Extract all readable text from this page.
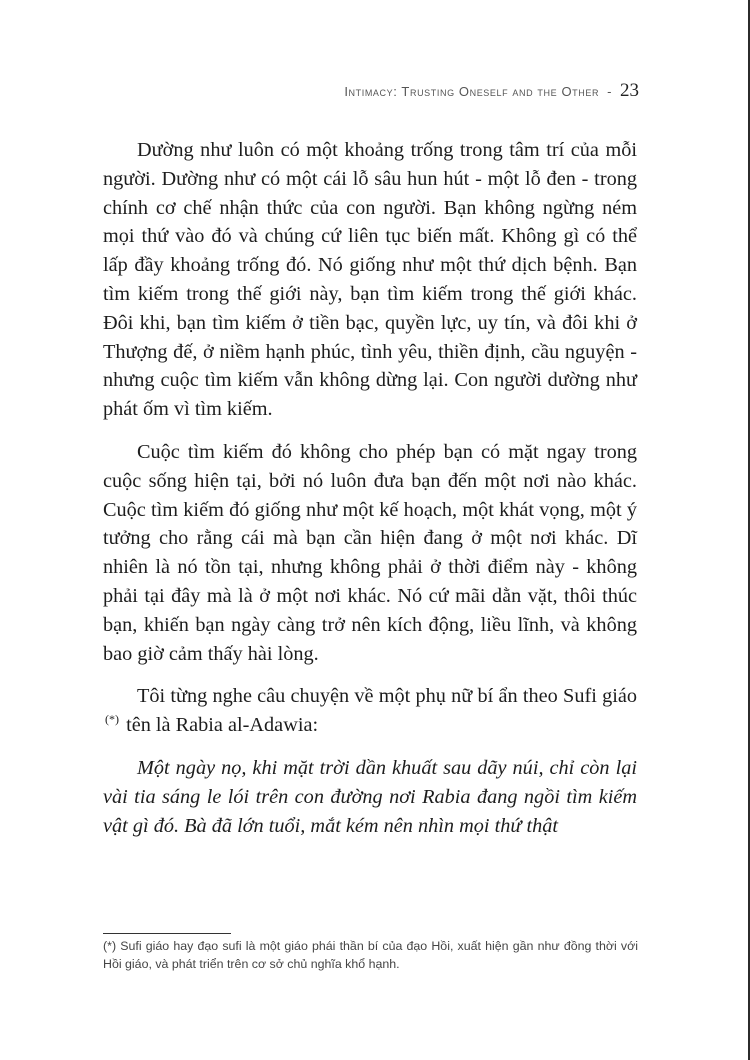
Intimacy: Trusting Oneself and the Other - 23

Dường như luôn có một khoảng trống trong tâm trí của mỗi người. Dường như có một cái lỗ sâu hun hút - một lỗ đen - trong chính cơ chế nhận thức của con người. Bạn không ngừng ném mọi thứ vào đó và chúng cứ liên tục biến mất. Không gì có thể lấp đầy khoảng trống đó. Nó giống như một thứ dịch bệnh. Bạn tìm kiếm trong thế giới này, bạn tìm kiếm trong thế giới khác. Đôi khi, bạn tìm kiếm ở tiền bạc, quyền lực, uy tín, và đôi khi ở Thượng đế, ở niềm hạnh phúc, tình yêu, thiền định, cầu nguyện - nhưng cuộc tìm kiếm vẫn không dừng lại. Con người dường như phát ốm vì tìm kiếm.

Cuộc tìm kiếm đó không cho phép bạn có mặt ngay trong cuộc sống hiện tại, bởi nó luôn đưa bạn đến một nơi nào khác. Cuộc tìm kiếm đó giống như một kế hoạch, một khát vọng, một ý tưởng cho rằng cái mà bạn cần hiện đang ở một nơi khác. Dĩ nhiên là nó tồn tại, nhưng không phải ở thời điểm này - không phải tại đây mà là ở một nơi khác. Nó cứ mãi dằn vặt, thôi thúc bạn, khiến bạn ngày càng trở nên kích động, liều lĩnh, và không bao giờ cảm thấy hài lòng.

Tôi từng nghe câu chuyện về một phụ nữ bí ẩn theo Sufi giáo (*) tên là Rabia al-Adawia:

Một ngày nọ, khi mặt trời dần khuất sau dãy núi, chỉ còn lại vài tia sáng le lói trên con đường nơi Rabia đang ngồi tìm kiếm vật gì đó. Bà đã lớn tuổi, mắt kém nên nhìn mọi thứ thật

(*) Sufi giáo hay đạo sufi là một giáo phái thần bí của đạo Hồi, xuất hiện gần như đồng thời với Hồi giáo, và phát triển trên cơ sở chủ nghĩa khổ hạnh.
